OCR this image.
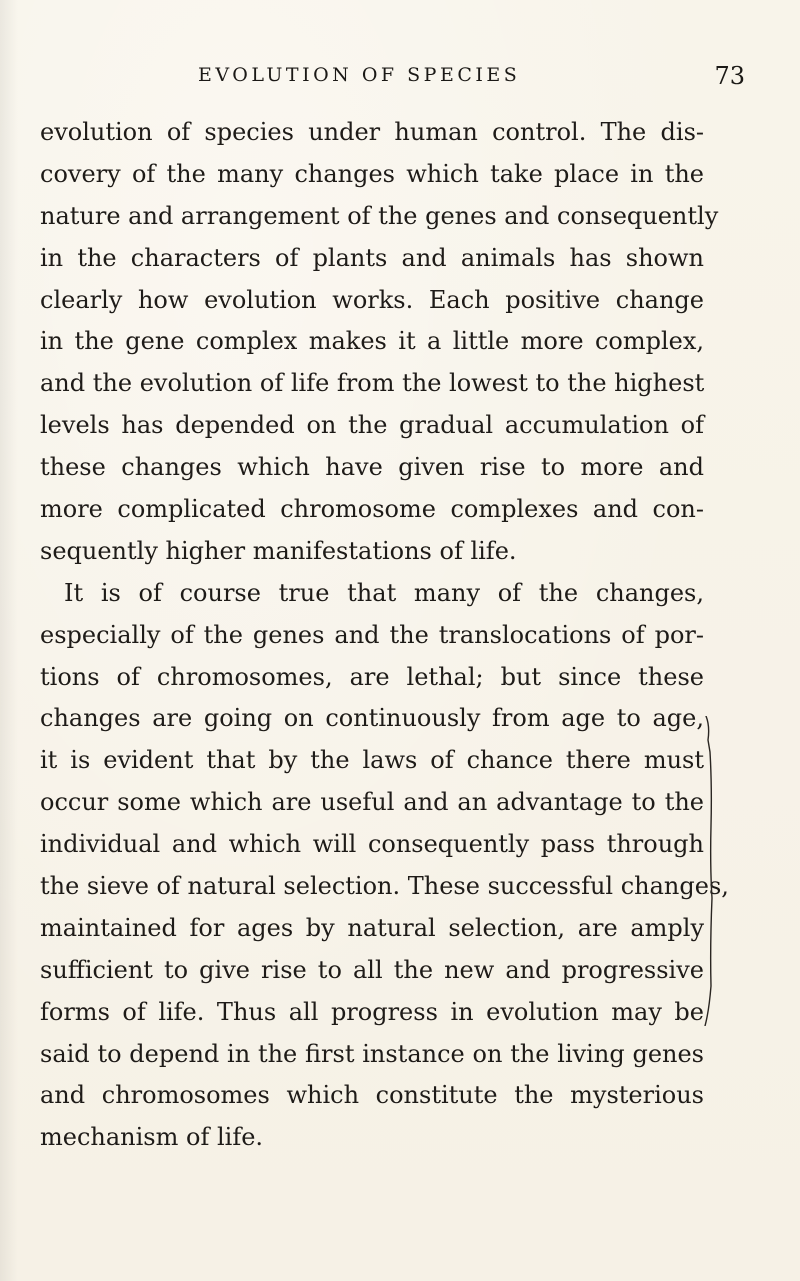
EVOLUTION OF SPECIES	73
evolution of species under human control. The dis-
covery of the many changes which take place in the
nature and arrangement of the genes and consequently
in the characters of plants and animals has shown
clearly how evolution works. Each positive change
in the gene complex makes it a little more complex,
and the evolution of life from the lowest to the highest
levels has depended on the gradual accumulation of
these changes which have given rise to more and
more complicated chromosome complexes and con-
sequently higher manifestations of life.
It is of course true that many of the changes,
especially of the genes and the translocations of por-
tions of chromosomes, are lethal; but since these
changes are going on continuously from age to age,
it is evident that by the laws of chance there must
occur some which are useful and an advantage to the
individual and which will consequently pass through
the sieve of natural selection. These successful changes,
maintained for ages by natural selection, are amply
sufficient to give rise to all the new and progressive
forms of life. Thus all progress in evolution may be
said to depend in the first instance on the living genes
and chromosomes which constitute the mysterious
mechanism of life.
